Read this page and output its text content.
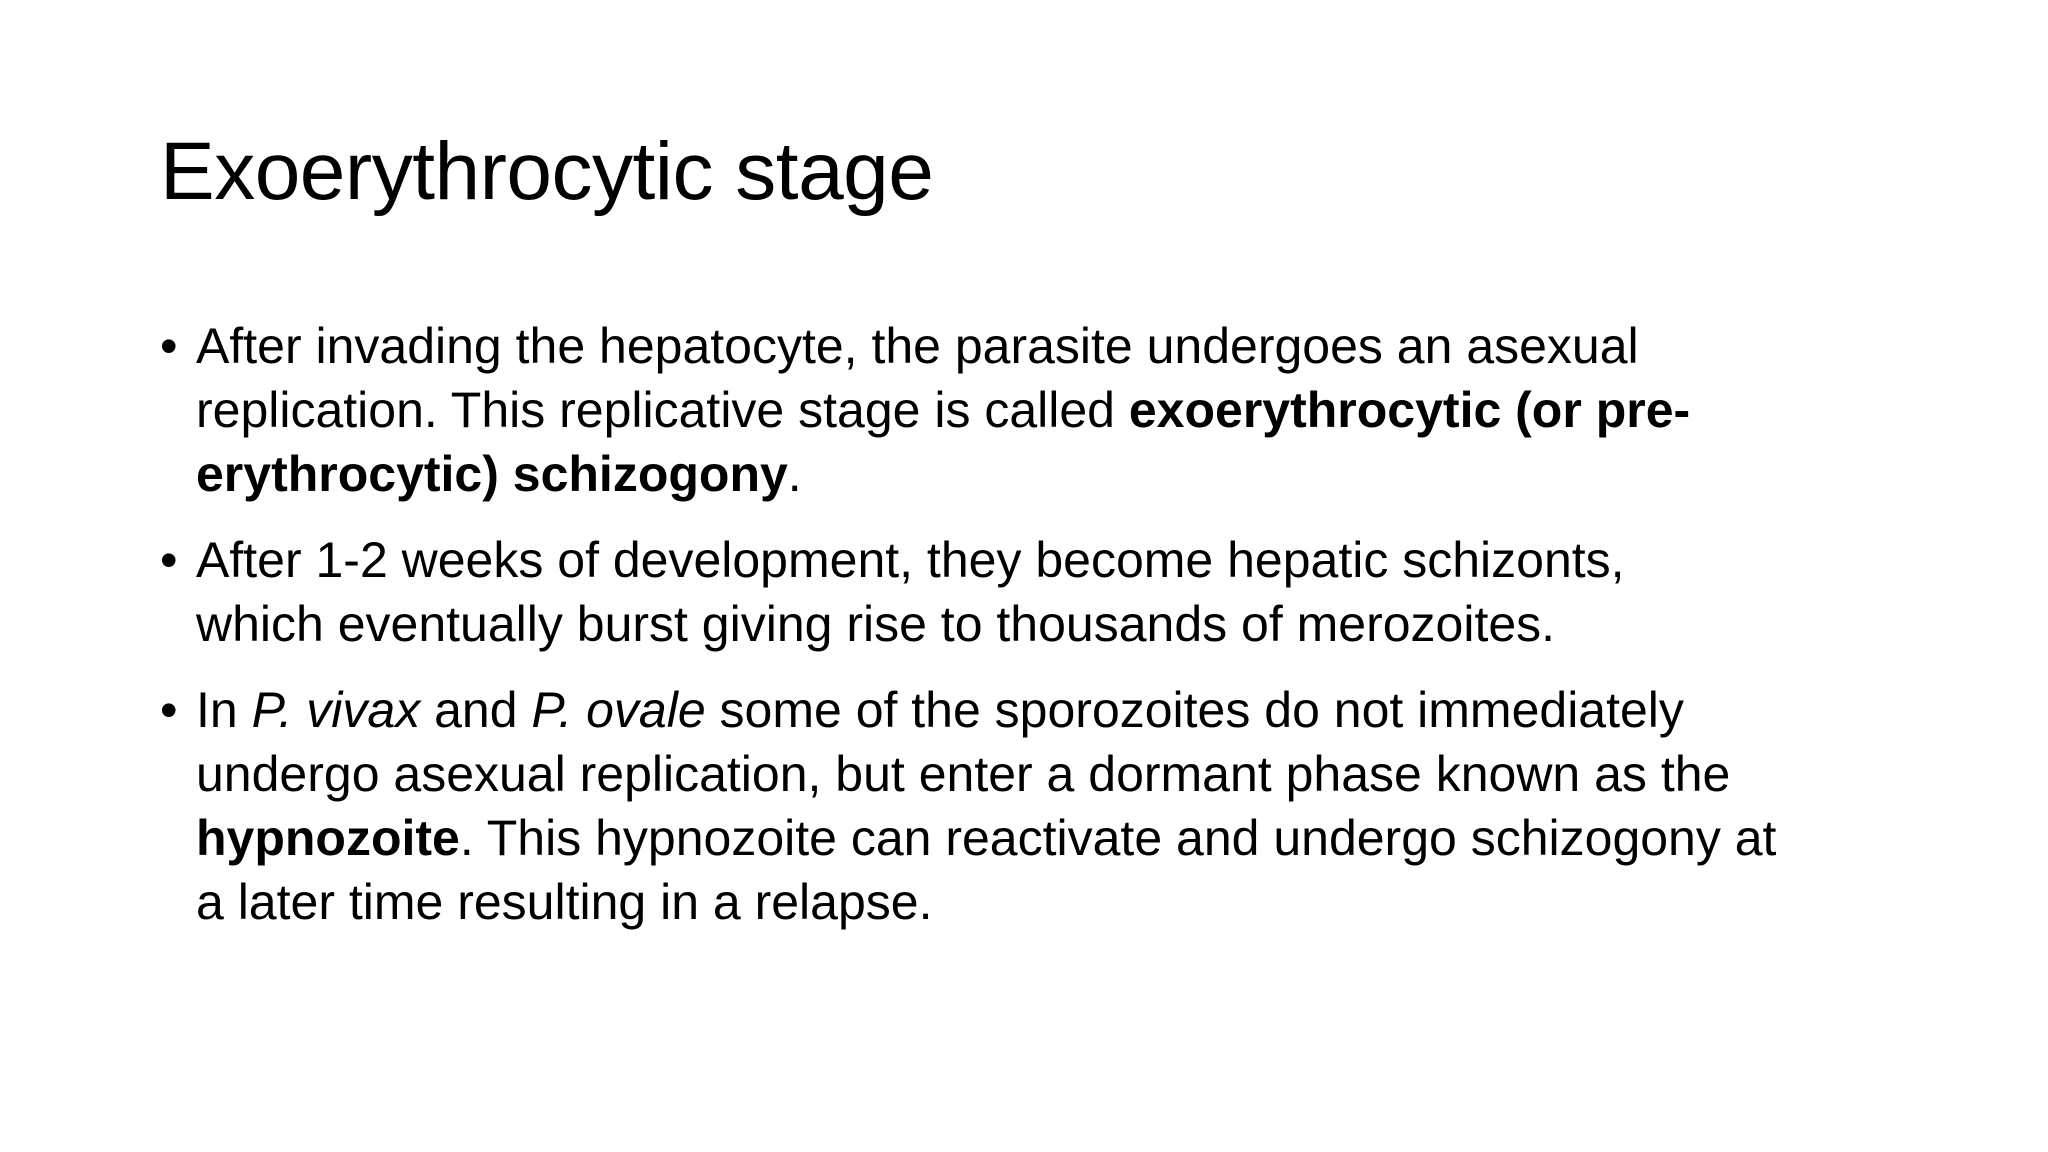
Exoerythrocytic stage
• After invading the hepatocyte, the parasite undergoes an asexual
replication. This replicative stage is called exoerythrocytic (or pre-
erythrocytic) schizogony.
• After 1-2 weeks of development, they become hepatic schizonts,
which eventually burst giving rise to thousands of merozoites.
• In P. vivax and P. ovale some of the sporozoites do not immediately
undergo asexual replication, but enter a dormant phase known as the
hypnozoite. This hypnozoite can reactivate and undergo schizogony at
a later time resulting in a relapse.
